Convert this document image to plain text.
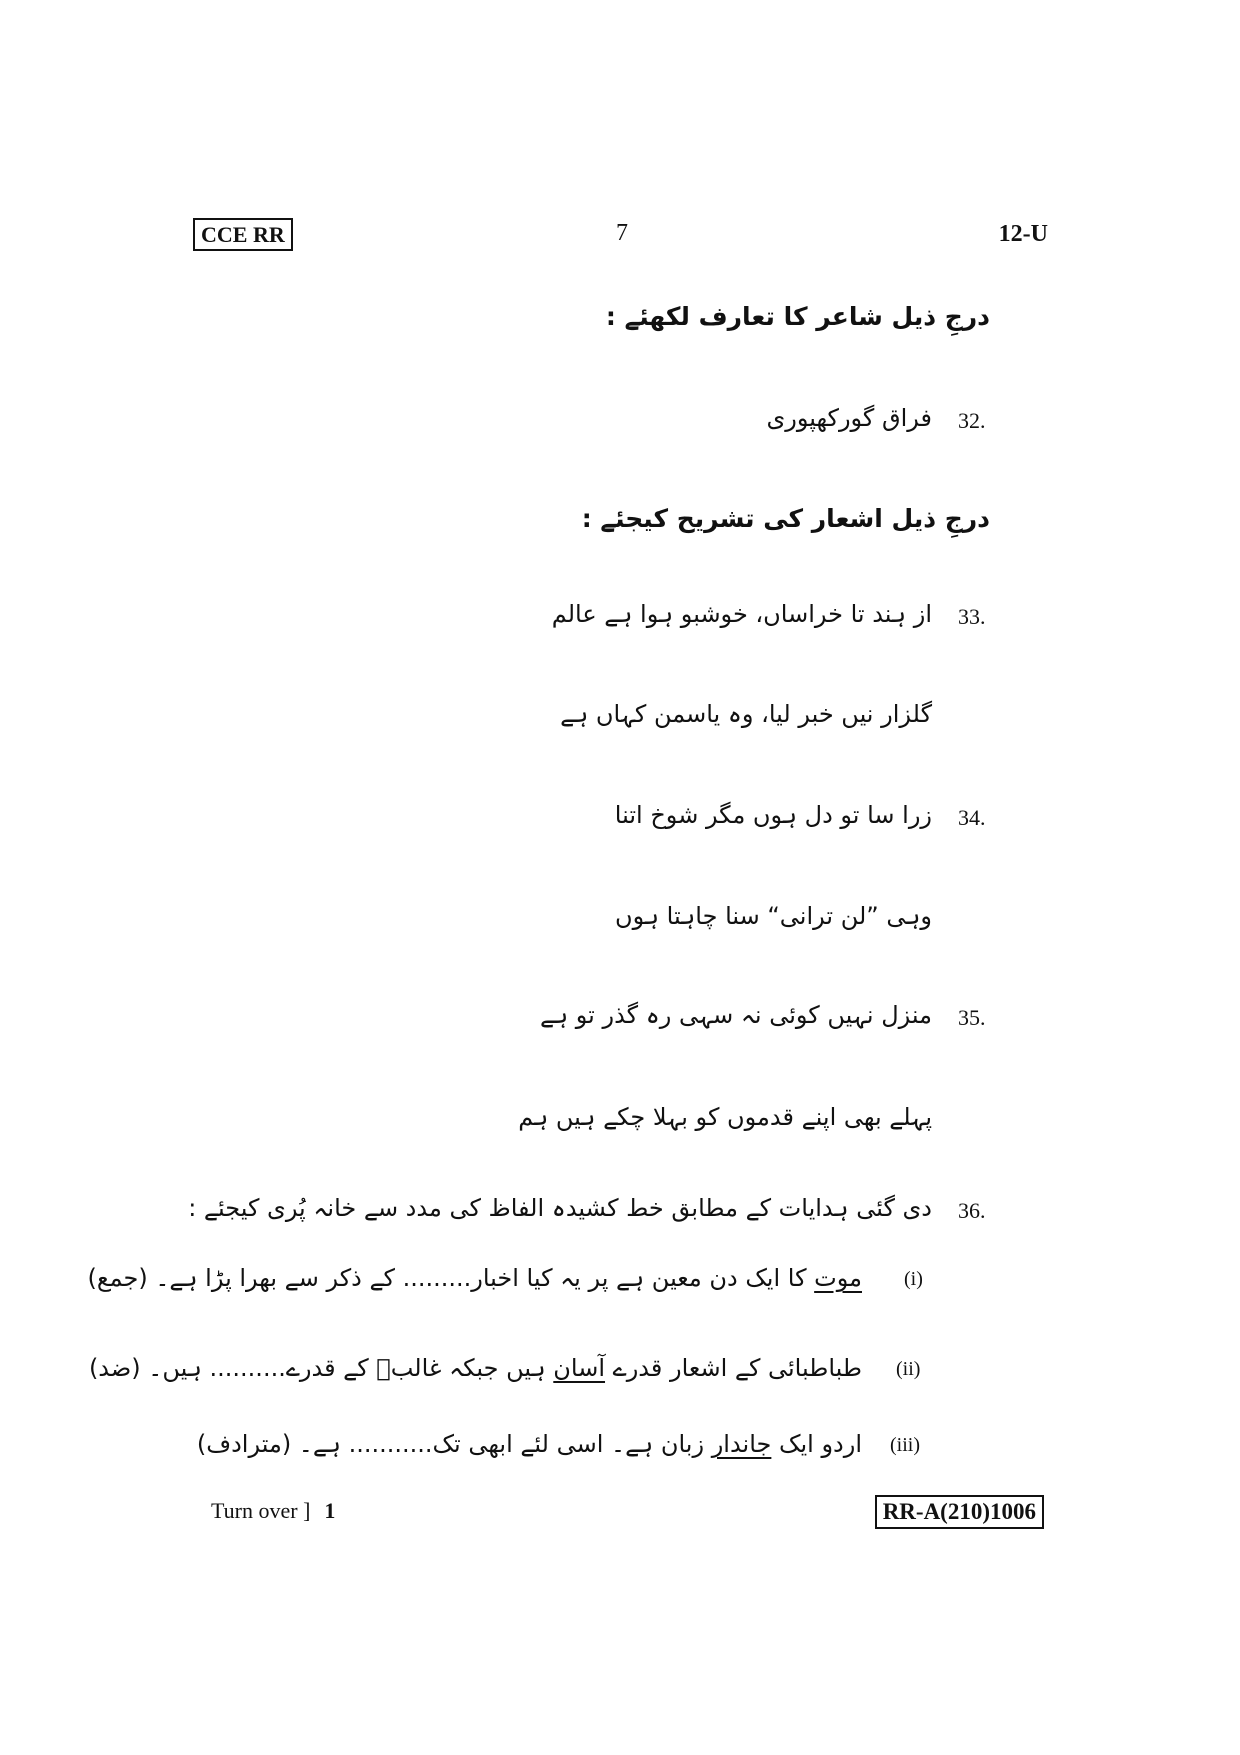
CCE RR	7	12-U
درجِ ذیل شاعر کا تعارف لکھئے :
32.
فراق گورکھپوری
درجِ ذیل اشعار کی تشریح کیجئے :
33.
از ہند تا خراساں، خوشبو ہوا ہے عالم
گلزار نیں خبر لیا، وہ یاسمن کہاں ہے
34.
زرا سا تو دل ہوں مگر شوخ اتنا
وہی ”لن ترانی“ سنا چاہتا ہوں
35.
منزل نہیں کوئی نہ سہی رہ گذر تو ہے
پہلے بھی اپنے قدموں کو بہلا چکے ہیں ہم
36.
دی گئی ہدایات کے مطابق خط کشیدہ الفاظ کی مدد سے خانہ پُری کیجئے :
(i)
موت کا ایک دن معین ہے پر یہ کیا اخبار......... کے ذکر سے بھرا پڑا ہے۔ (جمع)
(ii)
طباطبائی کے اشعار قدرے آسان ہیں جبکہ غالبؔ کے قدرے.......... ہیں۔ (ضد)
(iii)
اردو ایک جاندار زبان ہے۔ اسی لئے ابھی تک........... ہے۔ (مترادف)
Turn over ] 1	RR-A(210)1006
